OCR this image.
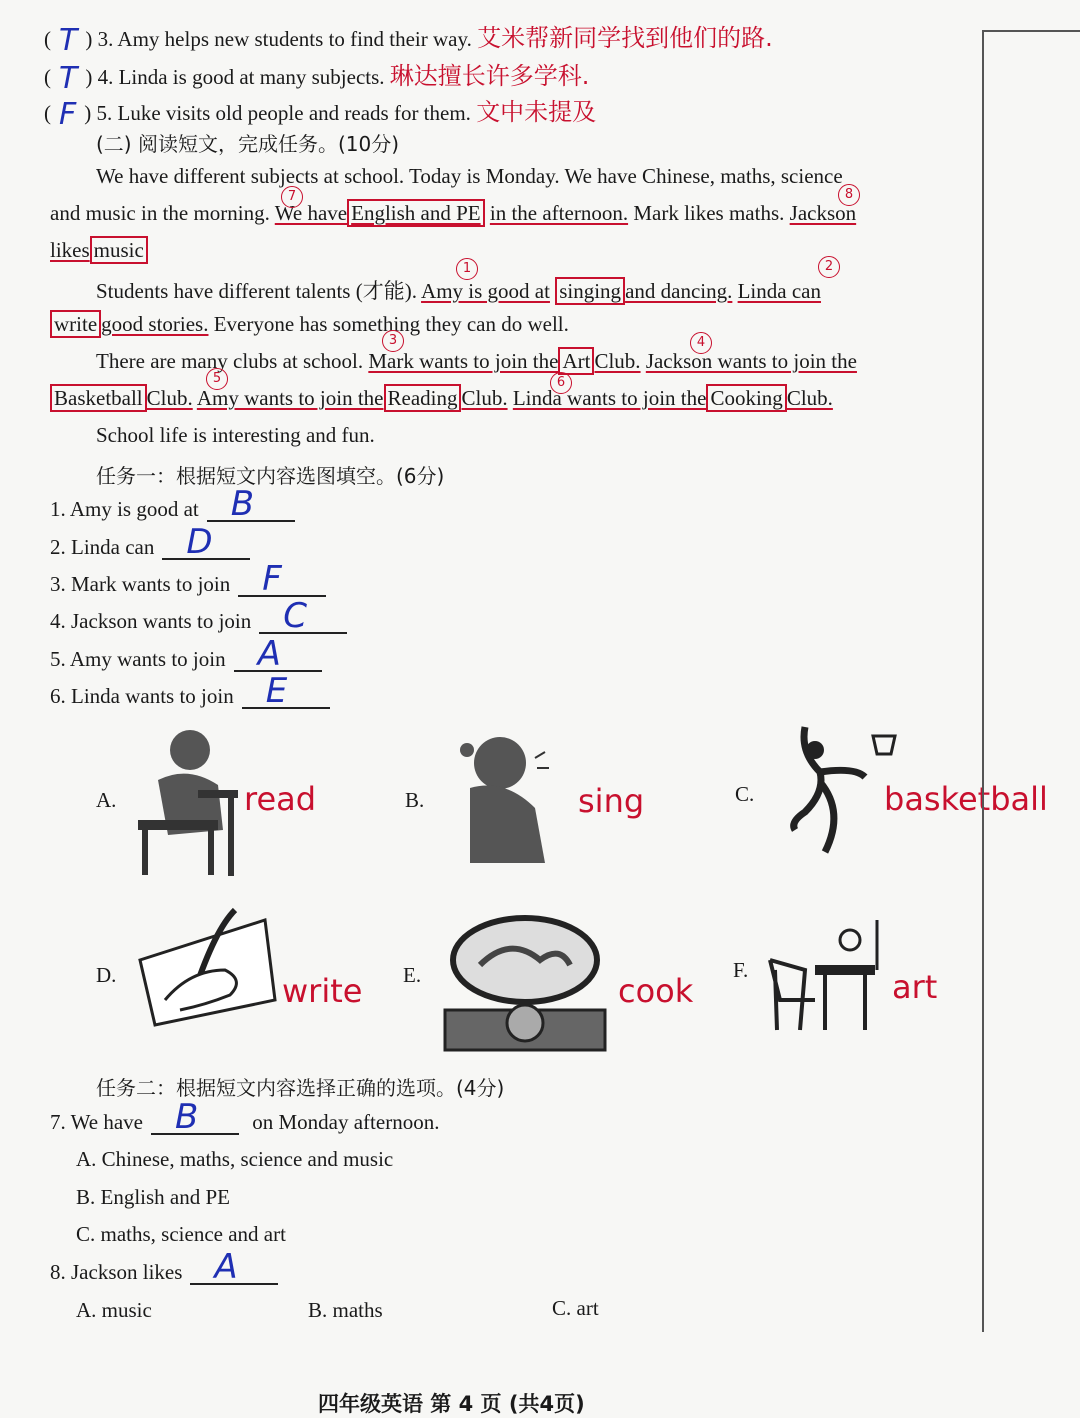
( T ) 3. Amy helps new students to find their way. 艾米帮新同学找到他们的路.
( T ) 4. Linda is good at many subjects. 琳达擅长许多学科.
( F ) 5. Luke visits old people and reads for them. 文中未提及
(二) 阅读短文，完成任务。(10分)
We have different subjects at school. Today is Monday. We have Chinese, maths, science
and music in the morning. We have English and PE in the afternoon. Mark likes maths. Jackson
likes music
Students have different talents (才能). Amy is good at singing and dancing. Linda can
write good stories. Everyone has something they can do well.
There are many clubs at school. Mark wants to join the Art Club. Jackson wants to join the
Basketball Club. Amy wants to join the Reading Club. Linda wants to join the Cooking Club.
School life is interesting and fun.
7	8
1	2
3	4
5	6
任务一：根据短文内容选图填空。(6分)
1. Amy is good at B
2. Linda can D
3. Mark wants to join F
4. Jackson wants to join C
5. Amy wants to join A
6. Linda wants to join E
A.	read	B.	sing	C.	basketball
D.	write E.	cook
F.	art
任务二：根据短文内容选择正确的选项。(4分)
7. We have B	on Monday afternoon.
A. Chinese, maths, science and music
B. English and PE
C. maths, science and art
8. Jackson likes A
A. music	B. maths	C. art
四年级英语 第 4 页 (共4页)
